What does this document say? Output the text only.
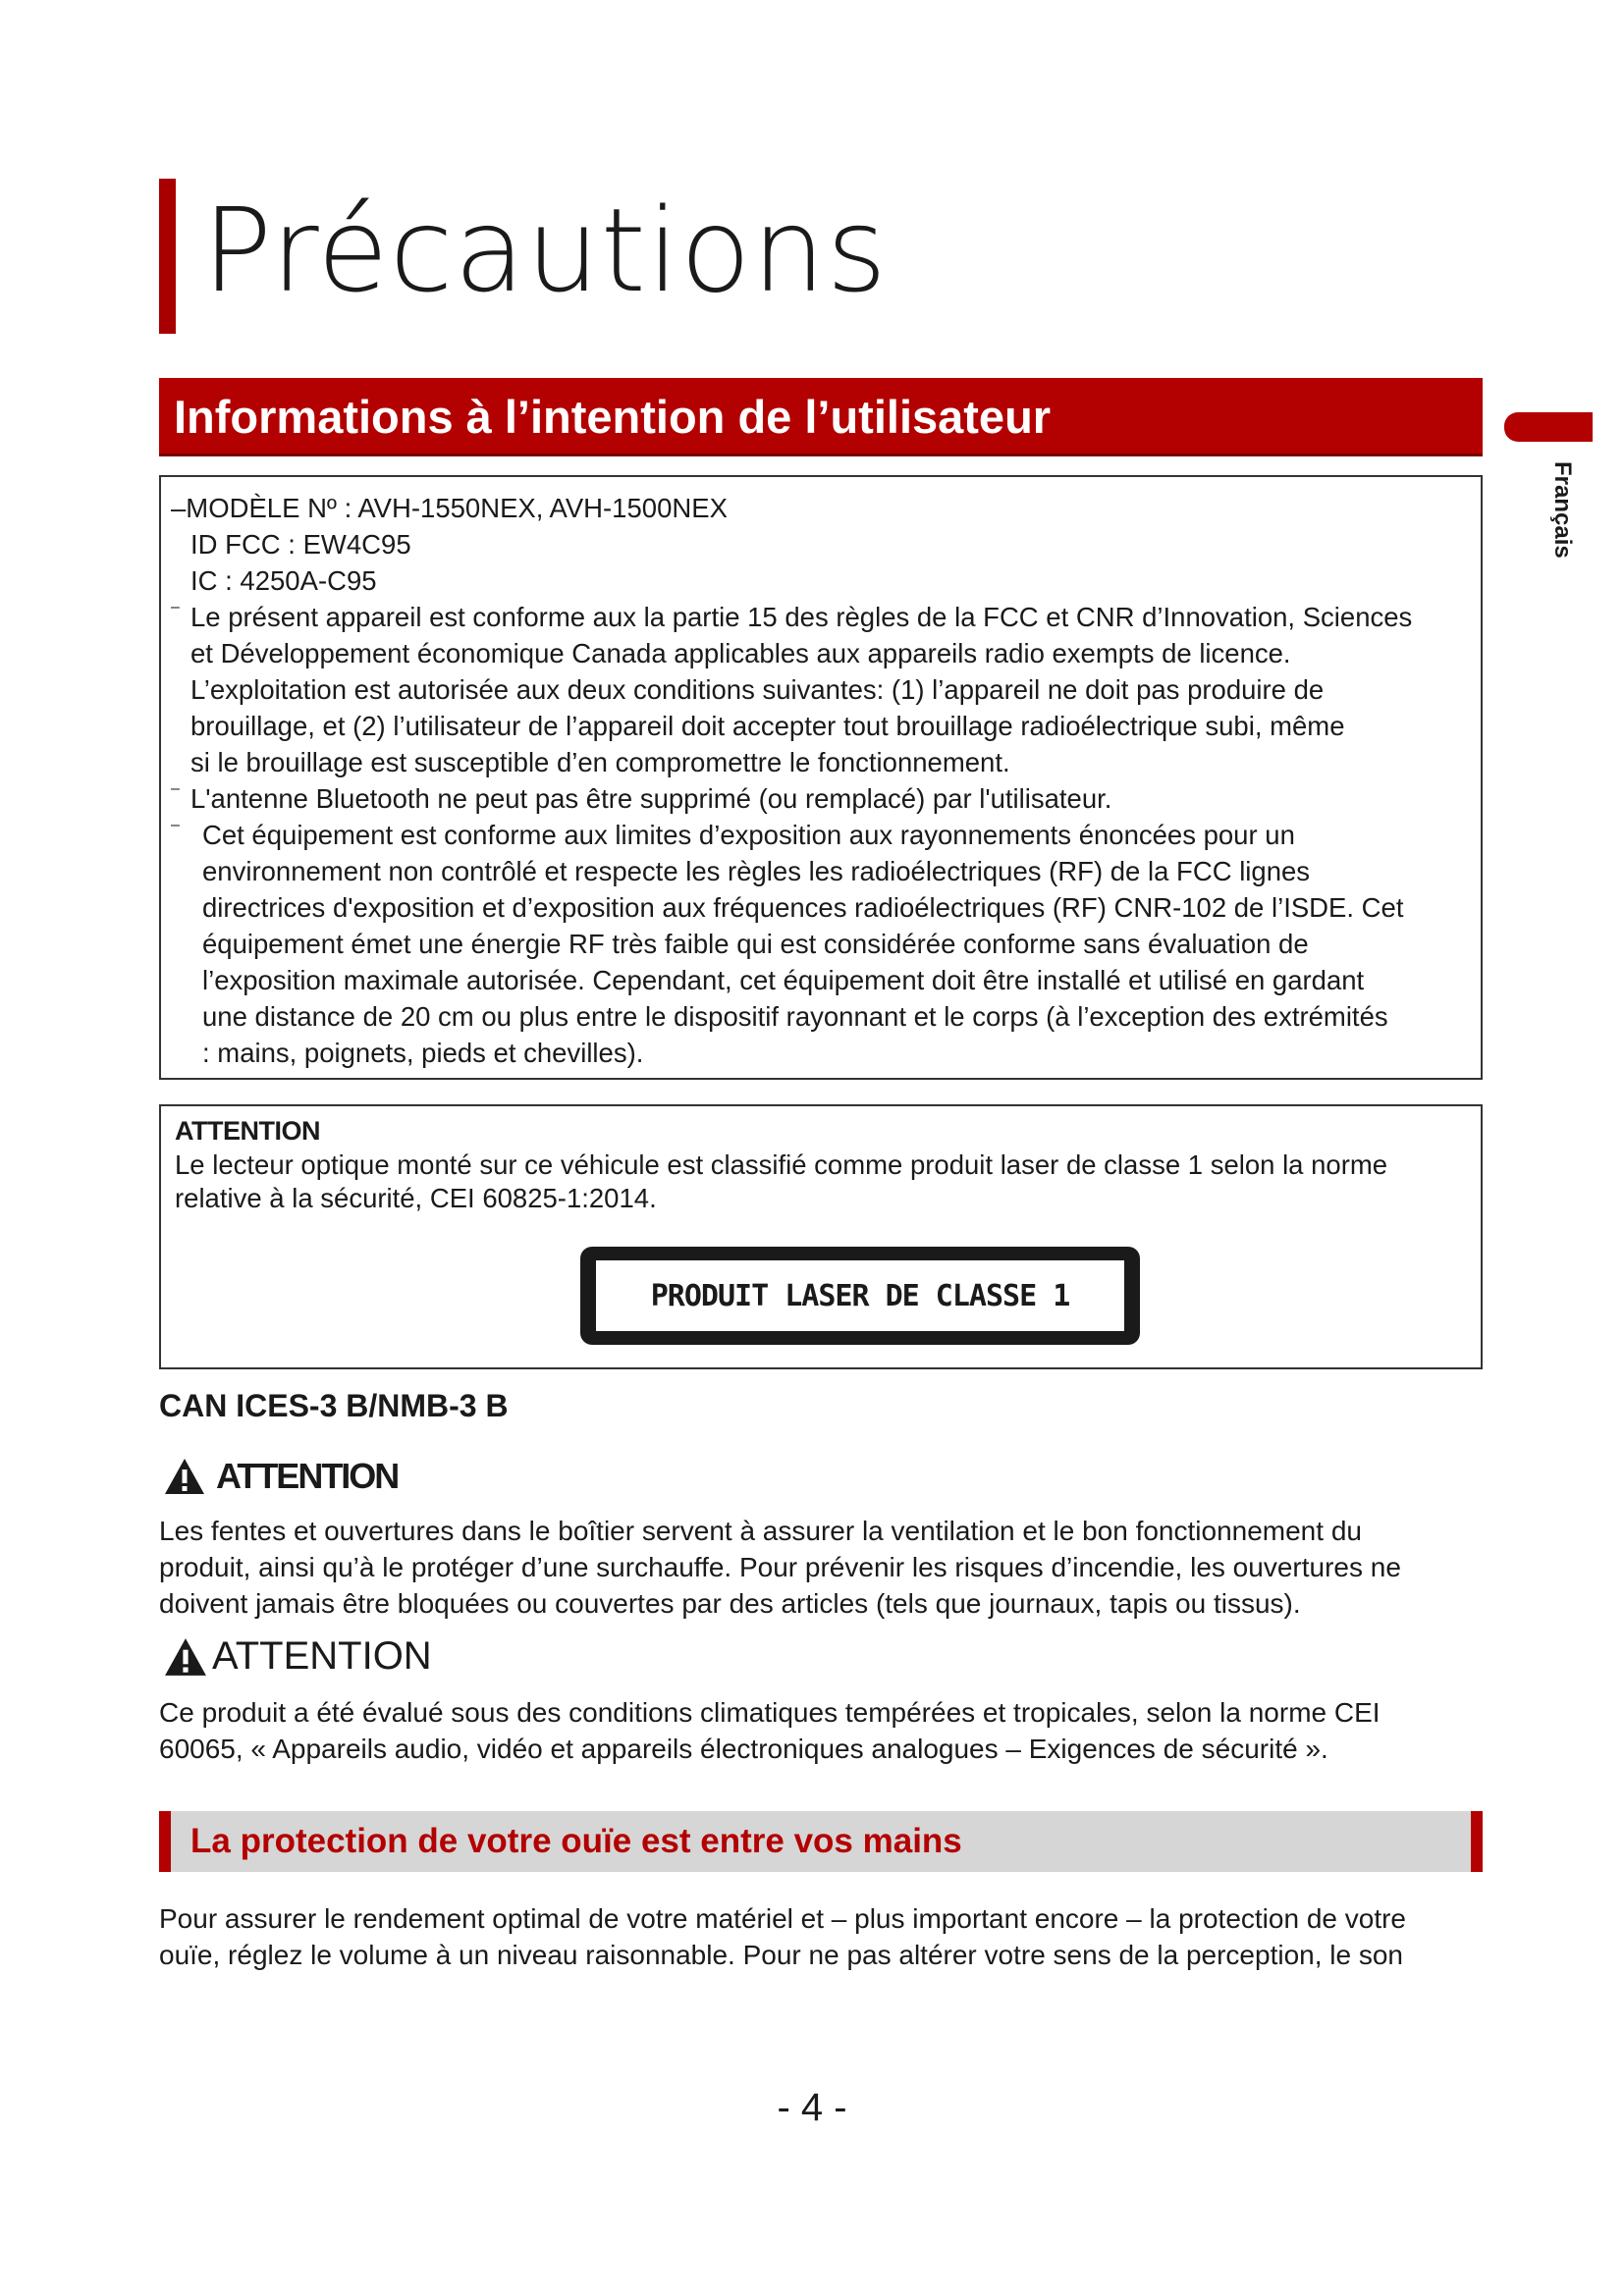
Précautions
Informations à l’intention de l’utilisateur
Français

–MODÈLE Nº : AVH-1550NEX, AVH-1500NEX

ID FCC : EW4C95

IC : 4250A-C95

– Le présent appareil est conforme aux la partie 15 des règles de la FCC et CNR d’Innovation, Sciences

et Développement économique Canada applicables aux appareils radio exempts de licence.

L’exploitation est autorisée aux deux conditions suivantes: (1) l’appareil ne doit pas produire de

brouillage, et (2) l’utilisateur de l’appareil doit accepter tout brouillage radioélectrique subi, même

si le brouillage est susceptible d’en compromettre le fonctionnement.

– L'antenne Bluetooth ne peut pas être supprimé (ou remplacé) par l'utilisateur.

– Cet équipement est conforme aux limites d’exposition aux rayonnements énoncées pour un

environnement non contrôlé et respecte les règles les radioélectriques (RF) de la FCC lignes

directrices d'exposition et d’exposition aux fréquences radioélectriques (RF) CNR-102 de l’ISDE. Cet

équipement émet une énergie RF très faible qui est considérée conforme sans évaluation de

l’exposition maximale autorisée. Cependant, cet équipement doit être installé et utilisé en gardant

une distance de 20 cm ou plus entre le dispositif rayonnant et le corps (à l’exception des extrémités

: mains, poignets, pieds et chevilles).

ATTENTION

Le lecteur optique monté sur ce véhicule est classifié comme produit laser de classe 1 selon la norme

relative à la sécurité, CEI 60825-1:2014.

PRODUIT LASER DE CLASSE 1

CAN ICES-3 B/NMB-3 B

ATTENTION

Les fentes et ouvertures dans le boîtier servent à assurer la ventilation et le bon fonctionnement du

produit, ainsi qu’à le protéger d’une surchauffe. Pour prévenir les risques d’incendie, les ouvertures ne

doivent jamais être bloquées ou couvertes par des articles (tels que journaux, tapis ou tissus).

ATTENTION

Ce produit a été évalué sous des conditions climatiques tempérées et tropicales, selon la norme CEI

60065, « Appareils audio, vidéo et appareils électroniques analogues – Exigences de sécurité ».

La protection de votre ouïe est entre vos mains

Pour assurer le rendement optimal de votre matériel et – plus important encore – la protection de votre

ouïe, réglez le volume à un niveau raisonnable. Pour ne pas altérer votre sens de la perception, le son

- 4 -
